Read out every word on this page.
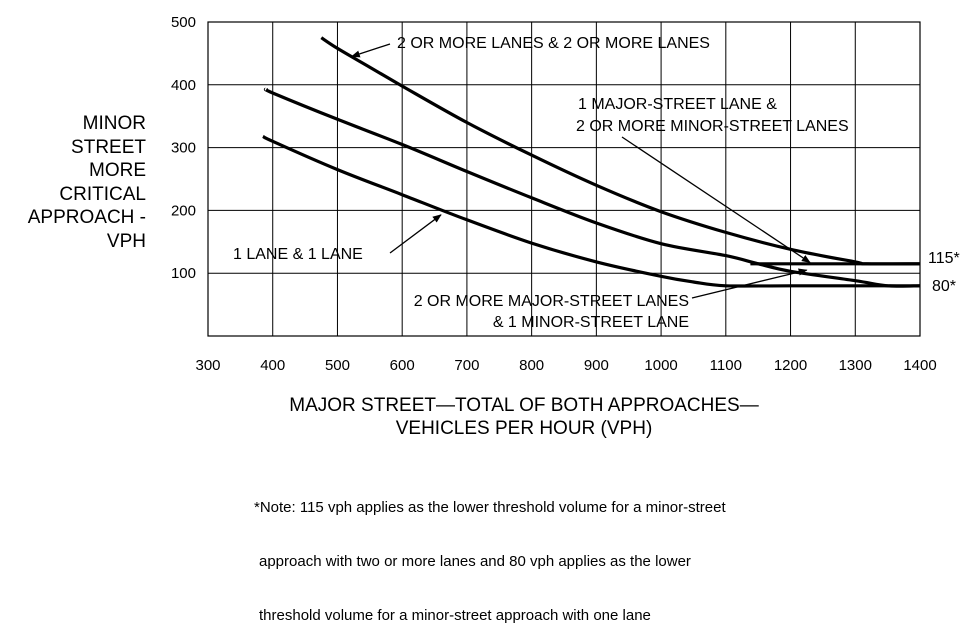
MINOR
STREET
MORE
CRITICAL
APPROACH -
VPH
300	400	500	600	700	800	900 1000 1100 1200 1300 1400
100
200
300
400
500
2 OR MORE LANES & 2 OR MORE LANES
1 MAJOR-STREET LANE &
2 OR MORE MINOR-STREET LANES
1 LANE & 1 LANE
2 OR MORE MAJOR-STREET LANES
& 1 MINOR-STREET LANE
115*
80*
MAJOR STREET—TOTAL OF BOTH APPROACHES—
VEHICLES PER HOUR (VPH)

*Note: 115 vph applies as the lower threshold volume for a minor-street

approach with two or more lanes and 80 vph applies as the lower

threshold volume for a minor-street approach with one lane
